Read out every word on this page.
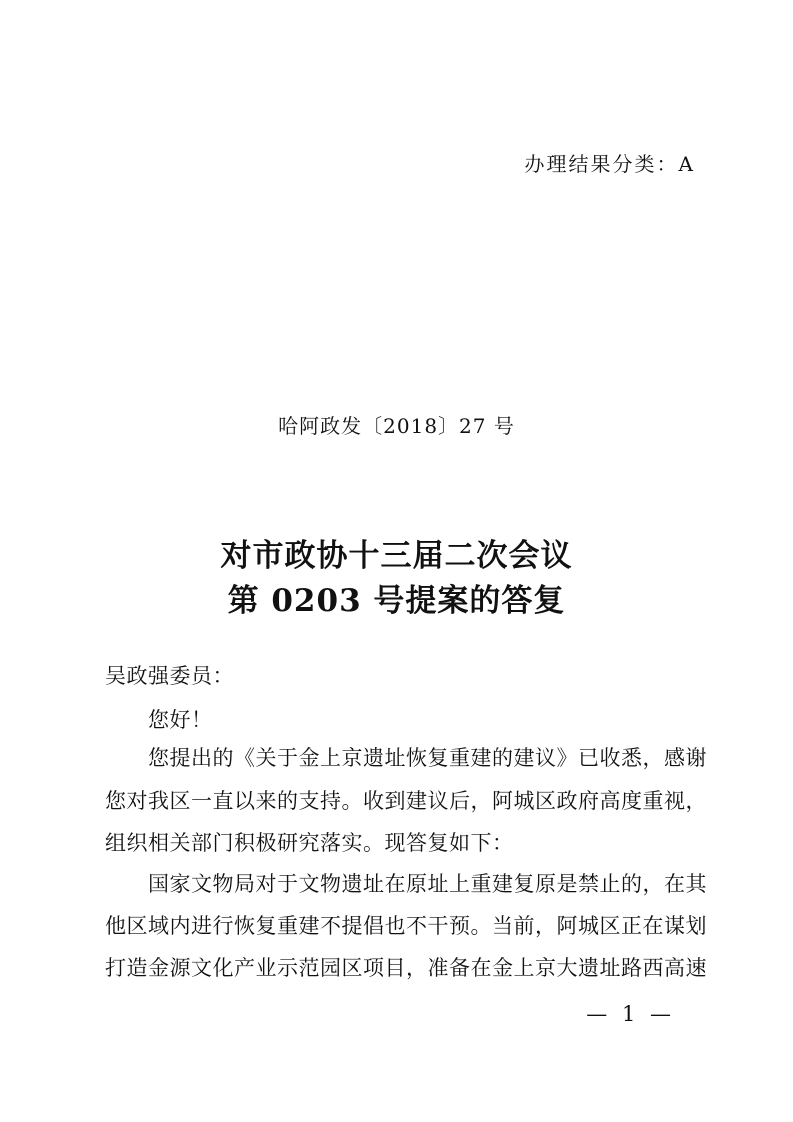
办理结果分类：A
哈阿政发〔2018〕27 号
对市政协十三届二次会议
第 0203 号提案的答复
吴政强委员：
您好！
您提出的《关于金上京遗址恢复重建的建议》已收悉，感谢
您对我区一直以来的支持。收到建议后，阿城区政府高度重视，
组织相关部门积极研究落实。现答复如下：
国家文物局对于文物遗址在原址上重建复原是禁止的，在其
他区域内进行恢复重建不提倡也不干预。当前，阿城区正在谋划
打造金源文化产业示范园区项目，准备在金上京大遗址路西高速
— 1 —
